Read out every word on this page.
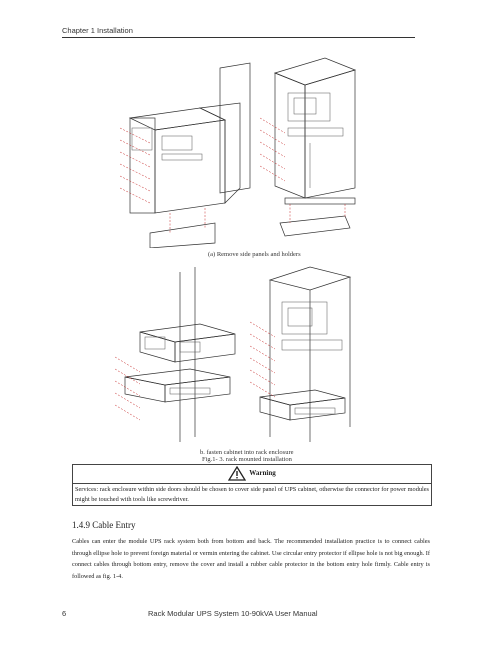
Chapter 1 Installation
(a) Remove side panels and holders
b. fasten cabinet into rack enclosure
Fig.1- 3. rack mounted installation
Warning
Services: rack enclosure within side doors should be chosen to cover side panel of UPS cabinet, otherwise the connector for power modules might be touched with tools like screwdriver.
1.4.9 Cable Entry
Cables can enter the module UPS rack system both from bottom and back. The recommended installation practice is to connect cables through ellipse hole to prevent foreign material or vermin entering the cabinet. Use circular entry protector if ellipse hole is not big enough. If connect cables through bottom entry, remove the cover and install a rubber cable protector in the bottom entry hole firmly. Cable entry is followed as fig. 1-4.
6	Rack Modular UPS System 10-90kVA User Manual
